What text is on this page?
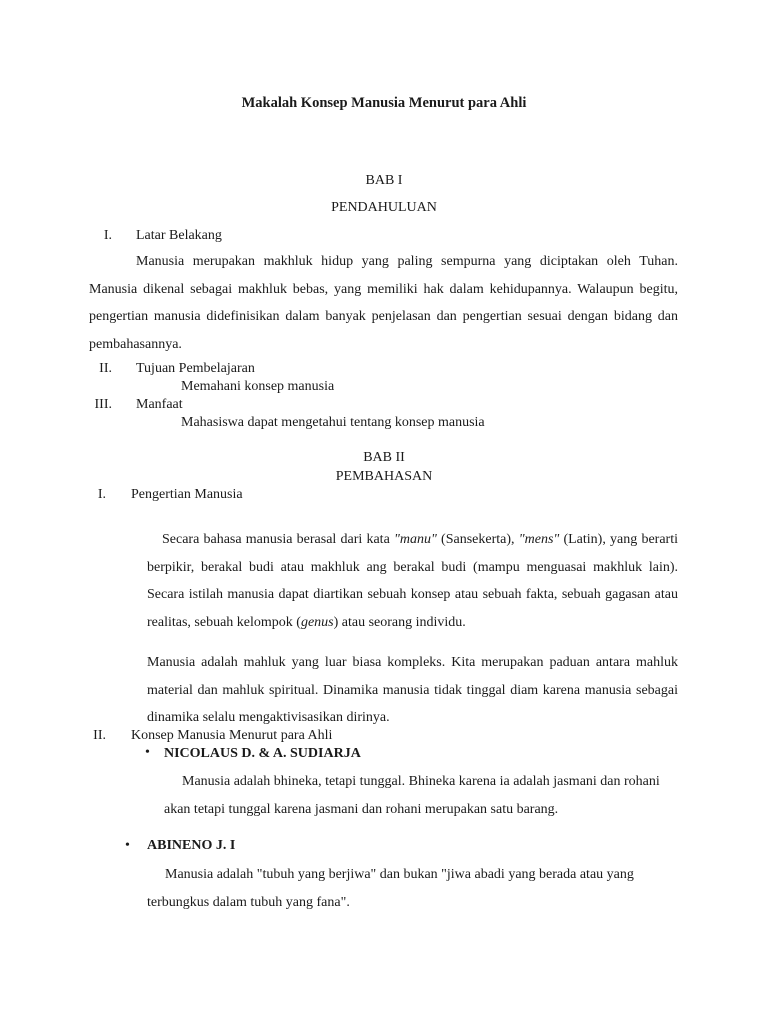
Makalah Konsep Manusia Menurut para Ahli
BAB I
PENDAHULUAN
I. Latar Belakang
Manusia merupakan makhluk hidup yang paling sempurna yang diciptakan oleh Tuhan. Manusia dikenal sebagai makhluk bebas, yang memiliki hak dalam kehidupannya. Walaupun begitu, pengertian manusia didefinisikan dalam banyak penjelasan dan pengertian sesuai dengan bidang dan pembahasannya.
II. Tujuan Pembelajaran
Memahani konsep manusia
III. Manfaat
Mahasiswa dapat mengetahui tentang konsep manusia
BAB II
PEMBAHASAN
I. Pengertian Manusia
Secara bahasa manusia berasal dari kata "manu" (Sansekerta), "mens" (Latin), yang berarti berpikir, berakal budi atau makhluk ang berakal budi (mampu menguasai makhluk lain). Secara istilah manusia dapat diartikan sebuah konsep atau sebuah fakta, sebuah gagasan atau realitas, sebuah kelompok (genus) atau seorang individu.
Manusia adalah mahluk yang luar biasa kompleks. Kita merupakan paduan antara mahluk material dan mahluk spiritual. Dinamika manusia tidak tinggal diam karena manusia sebagai dinamika selalu mengaktivisasikan dirinya.
II. Konsep Manusia Menurut para Ahli
• NICOLAUS D. & A. SUDIARJA
Manusia adalah bhineka, tetapi tunggal. Bhineka karena ia adalah jasmani dan rohani akan tetapi tunggal karena jasmani dan rohani merupakan satu barang.
• ABINENO J. I
Manusia adalah "tubuh yang berjiwa" dan bukan "jiwa abadi yang berada atau yang terbungkus dalam tubuh yang fana".
